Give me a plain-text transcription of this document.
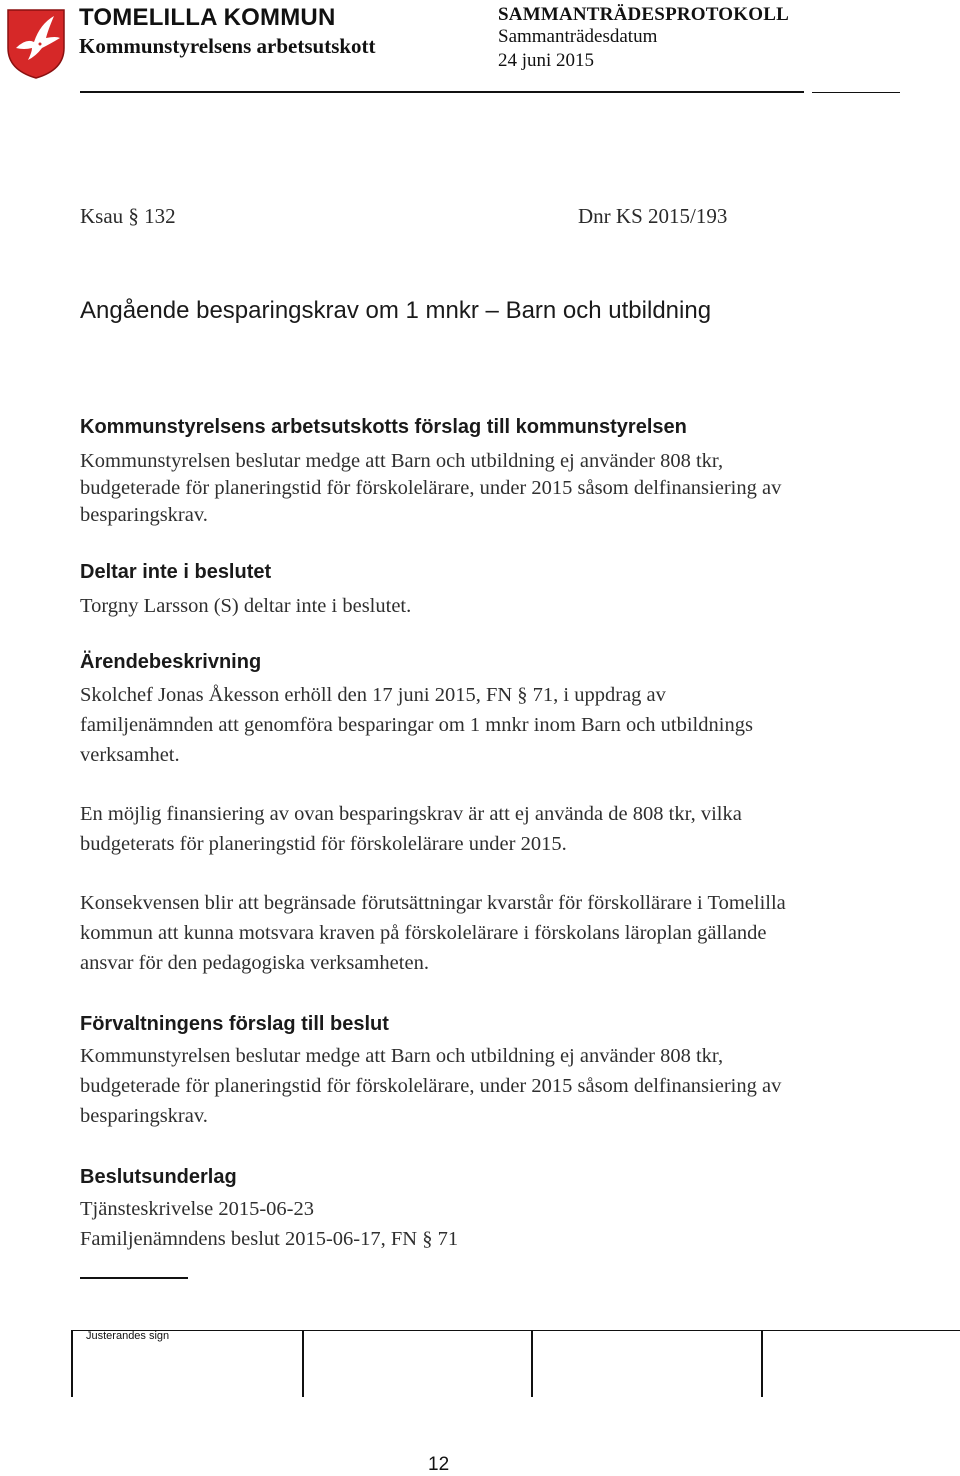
TOMELILLA KOMMUN
Kommunstyrelsens arbetsutskott
SAMMANTRÄDESPROTOKOLL
Sammanträdesdatum
24 juni 2015
Ksau § 132	Dnr KS 2015/193
Angående besparingskrav om 1 mnkr – Barn och utbildning
Kommunstyrelsens arbetsutskotts förslag till kommunstyrelsen
Kommunstyrelsen beslutar medge att Barn och utbildning ej använder 808 tkr, budgeterade för planeringstid för förskolelärare, under 2015 såsom delfinansiering av besparingskrav.
Deltar inte i beslutet
Torgny Larsson (S) deltar inte i beslutet.
Ärendebeskrivning
Skolchef Jonas Åkesson erhöll den 17 juni 2015, FN § 71, i uppdrag av familjenämnden att genomföra besparingar om 1 mnkr inom Barn och utbildnings verksamhet.
En möjlig finansiering av ovan besparingskrav är att ej använda de 808 tkr, vilka budgeterats för planeringstid för förskolelärare under 2015.
Konsekvensen blir att begränsade förutsättningar kvarstår för förskollärare i Tomelilla kommun att kunna motsvara kraven på förskolelärare i förskolans läroplan gällande ansvar för den pedagogiska verksamheten.
Förvaltningens förslag till beslut
Kommunstyrelsen beslutar medge att Barn och utbildning ej använder 808 tkr, budgeterade för planeringstid för förskolelärare, under 2015 såsom delfinansiering av besparingskrav.
Beslutsunderlag
Tjänsteskrivelse 2015-06-23
Familjenämndens beslut 2015-06-17, FN § 71
Justerandes sign
12
